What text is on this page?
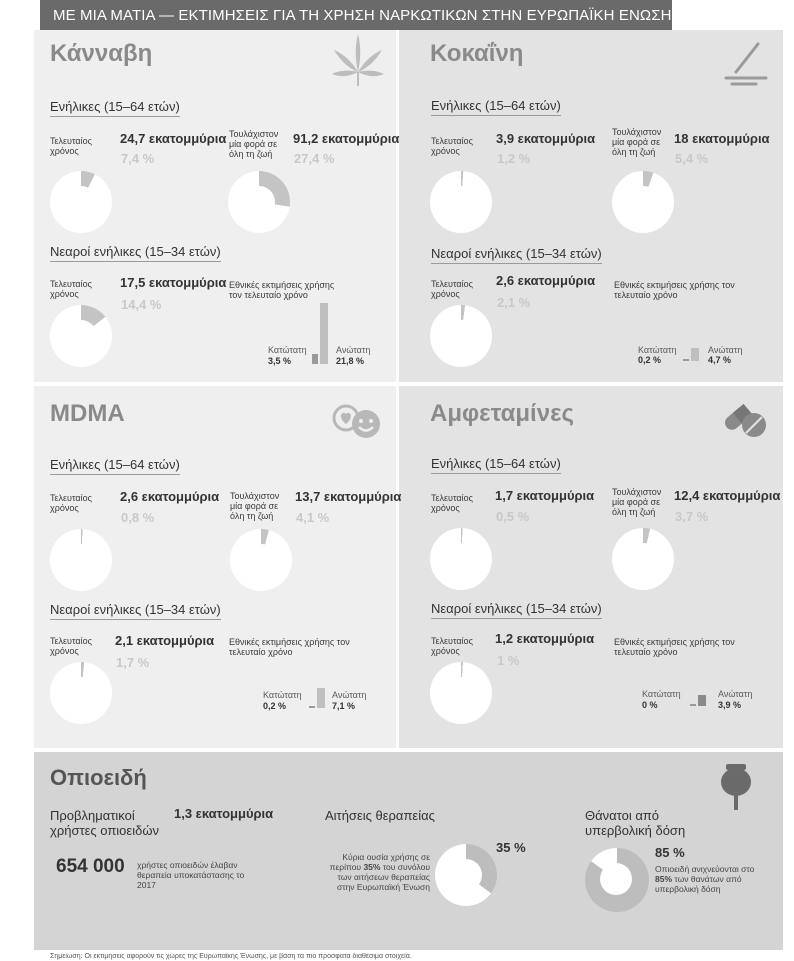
ΜΕ ΜΙΑ ΜΑΤΙΑ — ΕΚΤΙΜΗΣΕΙΣ ΓΙΑ ΤΗ ΧΡΗΣΗ ΝΑΡΚΩΤΙΚΩΝ ΣΤΗΝ ΕΥΡΩΠΑΪΚΗ ΕΝΩΣΗ
Κάνναβη
Ενήλικες (15–64 ετών)
Τελευταίος χρόνος
24,7 εκατομμύρια
7,4 %
Τουλάχιστον μία φορά σε όλη τη ζωή
91,2 εκατομμύρια
27,4 %
Νεαροί ενήλικες (15–34 ετών)
Τελευταίος χρόνος
17,5 εκατομμύρια
14,4 %
Εθνικές εκτιμήσεις χρήσης τον τελευταίο χρόνο
Κατώτατη
3,5 %
Ανώτατη
21,8 %
Κοκαΐνη
Ενήλικες (15–64 ετών)
Τελευταίος χρόνος
3,9 εκατομμύρια
1,2 %
Τουλάχιστον μία φορά σε όλη τη ζωή
18 εκατομμύρια
5,4 %
Νεαροί ενήλικες (15–34 ετών)
Τελευταίος χρόνος
2,6 εκατομμύρια
2,1 %
Εθνικές εκτιμήσεις χρήσης τον τελευταίο χρόνο
Κατώτατη
0,2 %
Ανώτατη
4,7 %
MDMA
Ενήλικες (15–64 ετών)
Τελευταίος χρόνος
2,6 εκατομμύρια
0,8 %
Τουλάχιστον μία φορά σε όλη τη ζωή
13,7 εκατομμύρια
4,1 %
Νεαροί ενήλικες (15–34 ετών)
Τελευταίος χρόνος
2,1 εκατομμύρια
1,7 %
Εθνικές εκτιμήσεις χρήσης τον τελευταίο χρόνο
Κατώτατη
0,2 %
Ανώτατη
7,1 %
Αμφεταμίνες
Ενήλικες (15–64 ετών)
Τελευταίος χρόνος
1,7 εκατομμύρια
0,5 %
Τουλάχιστον μία φορά σε όλη τη ζωή
12,4 εκατομμύρια
3,7 %
Νεαροί ενήλικες (15–34 ετών)
Τελευταίος χρόνος
1,2 εκατομμύρια
1 %
Εθνικές εκτιμήσεις χρήσης τον τελευταίο χρόνο
Κατώτατη
0 %
Ανώτατη
3,9 %
Οπιοειδή
Προβληματικοί χρήστες οπιοειδών
1,3 εκατομμύρια
654 000 χρήστες οπιοειδών έλαβαν θεραπεία υποκατάστασης το 2017
Αιτήσεις θεραπείας
35 %
Κύρια ουσία χρήσης σε περίπου 35% του συνόλου των αιτήσεων θεραπείας στην Ευρωπαϊκή Ένωση
Θάνατοι από υπερβολική δόση
85 %
Οπιοειδή ανιχνεύονται στο 85% των θανάτων από υπερβολική δόση
Σημείωση: Οι εκτιμήσεις αφορούν τις χώρες της Ευρωπαϊκής Ένωσης, με βάση τα πιο πρόσφατα διαθέσιμα στοιχεία.
